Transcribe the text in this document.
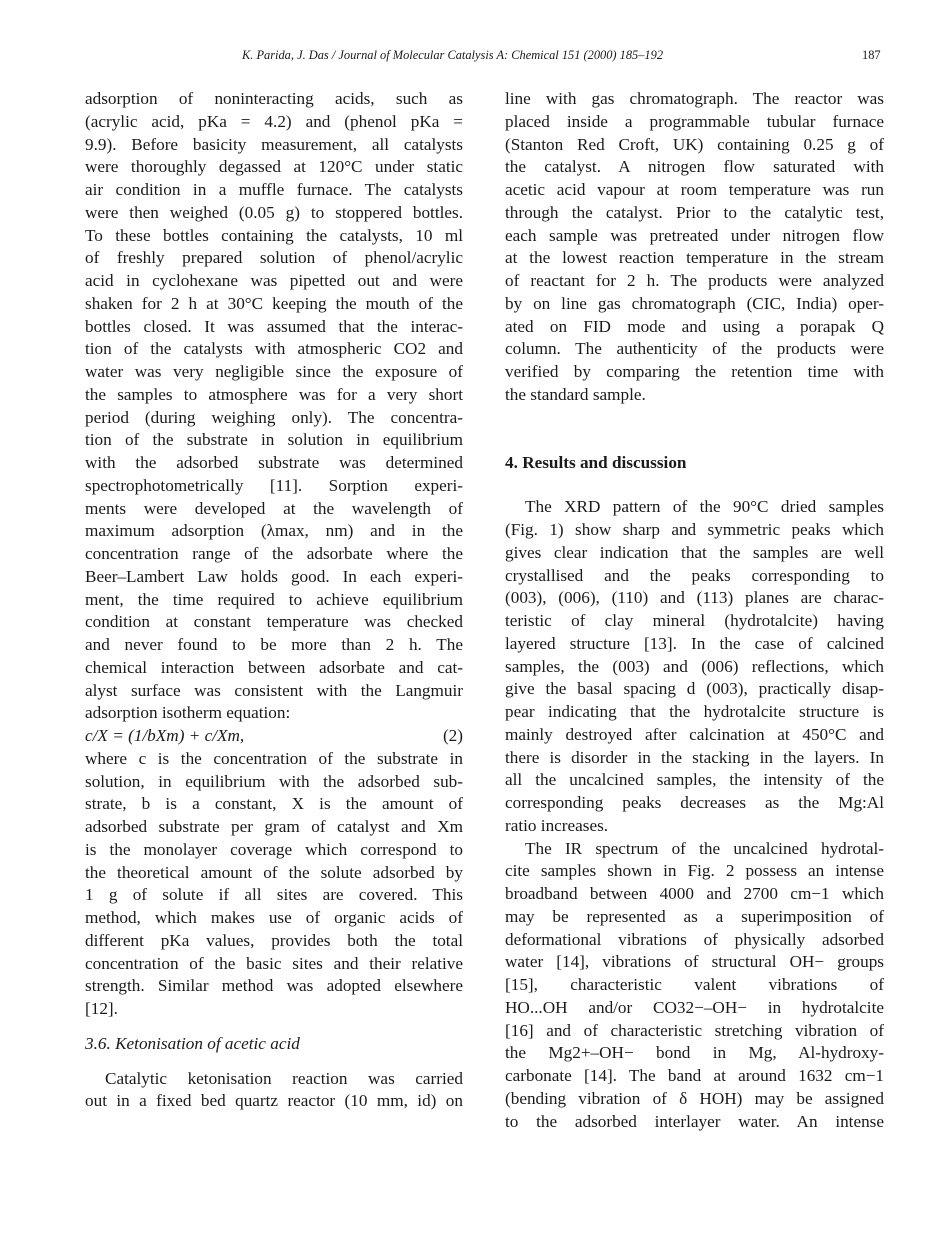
K. Parida, J. Das / Journal of Molecular Catalysis A: Chemical 151 (2000) 185–192	187
adsorption of noninteracting acids, such as
(acrylic acid, pKa = 4.2) and (phenol pKa =
9.9). Before basicity measurement, all catalysts
were thoroughly degassed at 120°C under static
air condition in a muffle furnace. The catalysts
were then weighed (0.05 g) to stoppered bottles.
To these bottles containing the catalysts, 10 ml
of freshly prepared solution of phenol/acrylic
acid in cyclohexane was pipetted out and were
shaken for 2 h at 30°C keeping the mouth of the
bottles closed. It was assumed that the interac-
tion of the catalysts with atmospheric CO2 and
water was very negligible since the exposure of
the samples to atmosphere was for a very short
period (during weighing only). The concentra-
tion of the substrate in solution in equilibrium
with the adsorbed substrate was determined
spectrophotometrically [11]. Sorption experi-
ments were developed at the wavelength of
maximum adsorption (λmax, nm) and in the
concentration range of the adsorbate where the
Beer–Lambert Law holds good. In each experi-
ment, the time required to achieve equilibrium
condition at constant temperature was checked
and never found to be more than 2 h. The
chemical interaction between adsorbate and cat-
alyst surface was consistent with the Langmuir
adsorption isotherm equation:
c/X = (1/bXm) + c/Xm,	(2)
where c is the concentration of the substrate in
solution, in equilibrium with the adsorbed sub-
strate, b is a constant, X is the amount of
adsorbed substrate per gram of catalyst and Xm
is the monolayer coverage which correspond to
the theoretical amount of the solute adsorbed by
1 g of solute if all sites are covered. This
method, which makes use of organic acids of
different pKa values, provides both the total
concentration of the basic sites and their relative
strength. Similar method was adopted elsewhere
[12].
3.6. Ketonisation of acetic acid
Catalytic ketonisation reaction was carried
out in a fixed bed quartz reactor (10 mm, id) on
line with gas chromatograph. The reactor was
placed inside a programmable tubular furnace
(Stanton Red Croft, UK) containing 0.25 g of
the catalyst. A nitrogen flow saturated with
acetic acid vapour at room temperature was run
through the catalyst. Prior to the catalytic test,
each sample was pretreated under nitrogen flow
at the lowest reaction temperature in the stream
of reactant for 2 h. The products were analyzed
by on line gas chromatograph (CIC, India) oper-
ated on FID mode and using a porapak Q
column. The authenticity of the products were
verified by comparing the retention time with
the standard sample.
4. Results and discussion
The XRD pattern of the 90°C dried samples
(Fig. 1) show sharp and symmetric peaks which
gives clear indication that the samples are well
crystallised and the peaks corresponding to
(003), (006), (110) and (113) planes are charac-
teristic of clay mineral (hydrotalcite) having
layered structure [13]. In the case of calcined
samples, the (003) and (006) reflections, which
give the basal spacing d (003), practically disap-
pear indicating that the hydrotalcite structure is
mainly destroyed after calcination at 450°C and
there is disorder in the stacking in the layers. In
all the uncalcined samples, the intensity of the
corresponding peaks decreases as the Mg:Al
ratio increases.
The IR spectrum of the uncalcined hydrotal-
cite samples shown in Fig. 2 possess an intense
broadband between 4000 and 2700 cm−1 which
may be represented as a superimposition of
deformational vibrations of physically adsorbed
water [14], vibrations of structural OH− groups
[15], characteristic valent vibrations of
HO...OH and/or CO32−–OH− in hydrotalcite
[16] and of characteristic stretching vibration of
the Mg2+–OH− bond in Mg, Al-hydroxy-
carbonate [14]. The band at around 1632 cm−1
(bending vibration of δ HOH) may be assigned
to the adsorbed interlayer water. An intense
